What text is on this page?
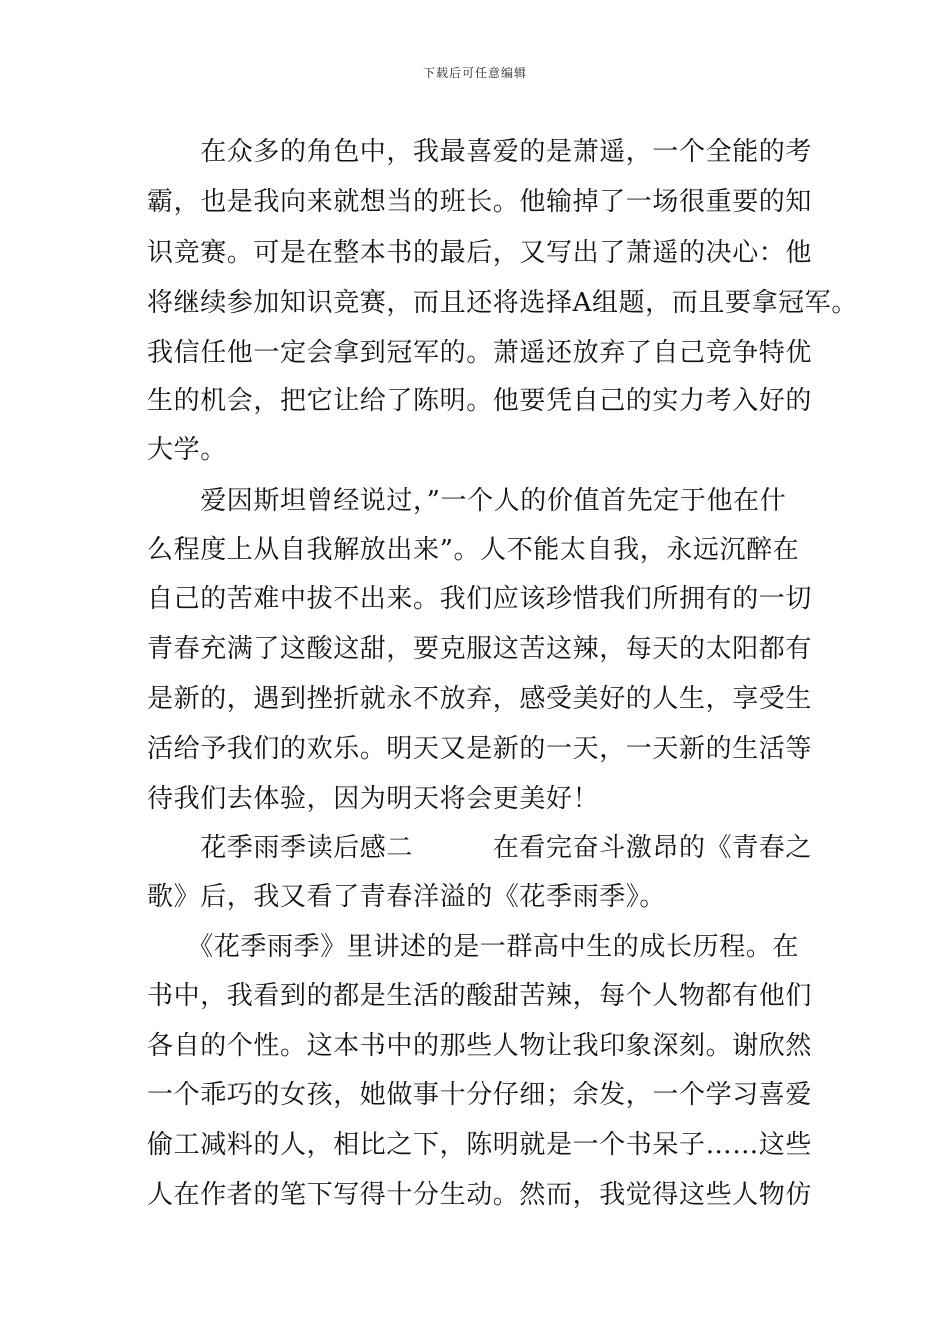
下载后可任意编辑
　　在众多的角色中，我最喜爱的是萧遥，一个全能的考
霸，也是我向来就想当的班长。他输掉了一场很重要的知
识竞赛。可是在整本书的最后，又写出了萧遥的决心：他
将继续参加知识竞赛，而且还将选择A组题，而且要拿冠军。
我信任他一定会拿到冠军的。萧遥还放弃了自己竞争特优
生的机会，把它让给了陈明。他要凭自己的实力考入好的
大学。
　　爱因斯坦曾经说过，”一个人的价值首先定于他在什
么程度上从自我解放出来”。人不能太自我，永远沉醉在
自己的苦难中拔不出来。我们应该珍惜我们所拥有的一切
青春充满了这酸这甜，要克服这苦这辣，每天的太阳都有
是新的，遇到挫折就永不放弃，感受美好的人生，享受生
活给予我们的欢乐。明天又是新的一天，一天新的生活等
待我们去体验，因为明天将会更美好！
　　花季雨季读后感二　　　在看完奋斗激昂的《青春之
歌》后，我又看了青春洋溢的《花季雨季》。
　　《花季雨季》里讲述的是一群高中生的成长历程。在
书中，我看到的都是生活的酸甜苦辣，每个人物都有他们
各自的个性。这本书中的那些人物让我印象深刻。谢欣然
一个乖巧的女孩，她做事十分仔细；余发，一个学习喜爱
偷工减料的人，相比之下，陈明就是一个书呆子……这些
人在作者的笔下写得十分生动。然而，我觉得这些人物仿
